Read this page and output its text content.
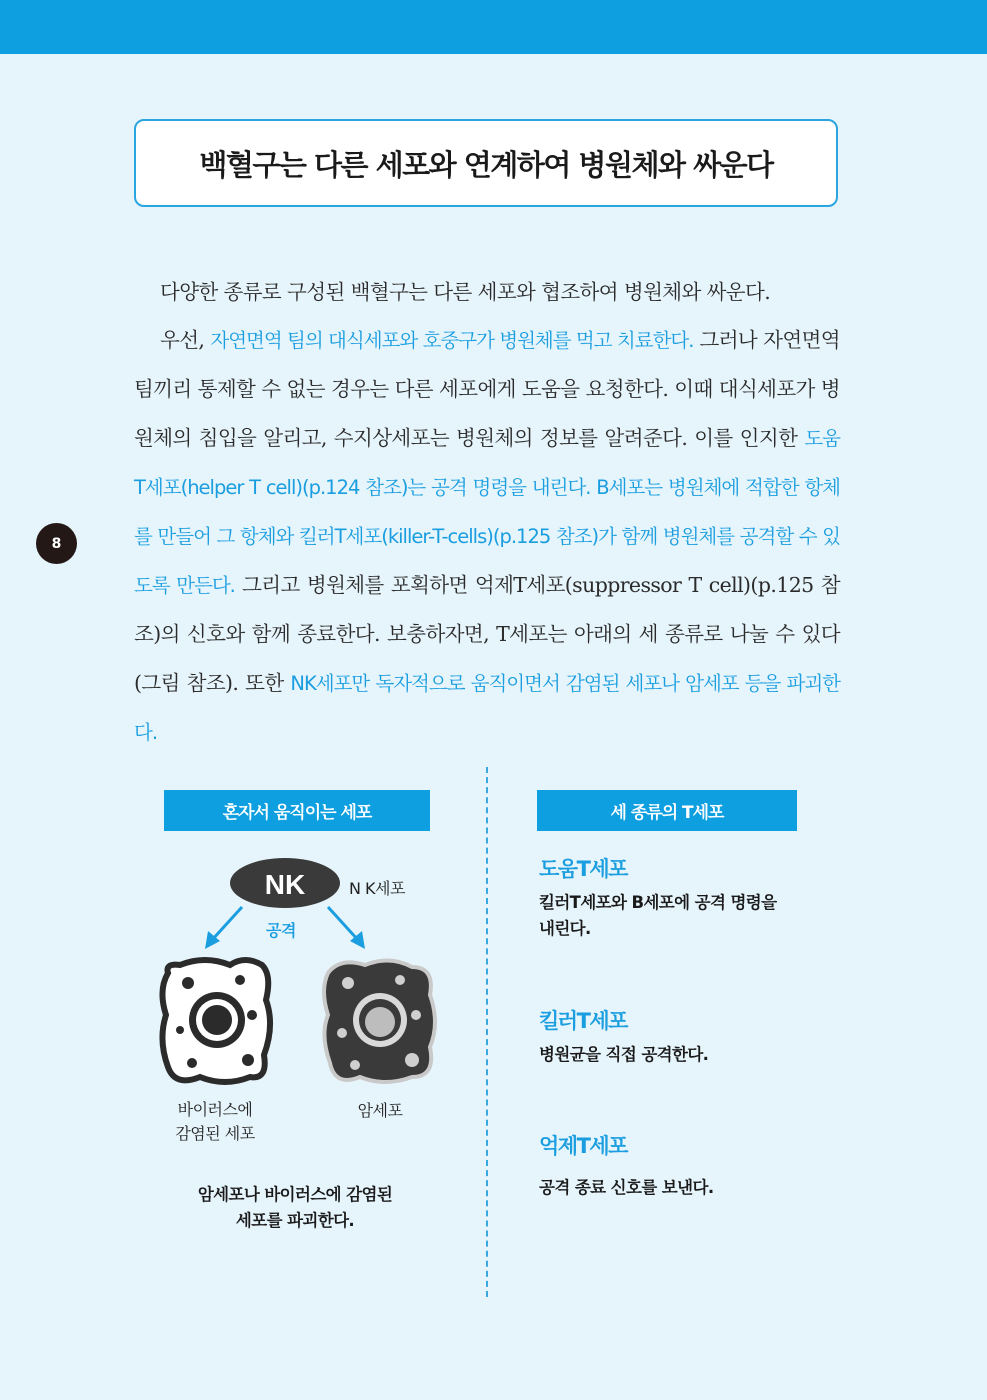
백혈구는 다른 세포와 연계하여 병원체와 싸운다

다양한 종류로 구성된 백혈구는 다른 세포와 협조하여 병원체와 싸운다.

우선, 자연면역 팀의 대식세포와 호중구가 병원체를 먹고 치료한다. 그러나 자연면역 팀끼리 통제할 수 없는 경우는 다른 세포에게 도움을 요청한다. 이때 대식세포가 병원체의 침입을 알리고, 수지상세포는 병원체의 정보를 알려준다. 이를 인지한 도움T세포(helper T cell)(p.124 참조)는 공격 명령을 내린다. B세포는 병원체에 적합한 항체를 만들어 그 항체와 킬러T세포(killer-T-cells)(p.125 참조)가 함께 병원체를 공격할 수 있도록 만든다. 그리고 병원체를 포획하면 억제T세포(suppressor T cell)(p.125 참조)의 신호와 함께 종료한다. 보충하자면, T세포는 아래의 세 종류로 나눌 수 있다(그림 참조). 또한 NK세포만 독자적으로 움직이면서 감염된 세포나 암세포 등을 파괴한다.

8
혼자서 움직이는 세포
NK	N K세포
공격
바이러스에
감염된 세포
암세포
암세포나 바이러스에 감염된
세포를 파괴한다.
세 종류의 T세포
도움T세포
킬러T세포와 B세포에 공격 명령을
내린다.
킬러T세포
병원균을 직접 공격한다.
억제T세포
공격 종료 신호를 보낸다.
